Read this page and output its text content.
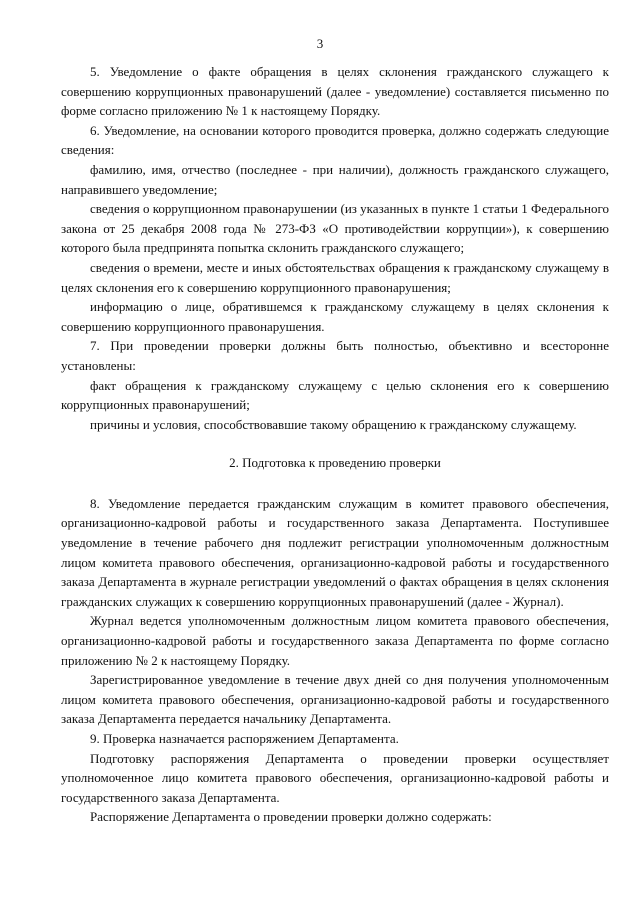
3

5. Уведомление о факте обращения в целях склонения гражданского служащего к совершению коррупционных правонарушений (далее - уведомление) составляется письменно по форме согласно приложению № 1 к настоящему Порядку.

6. Уведомление, на основании которого проводится проверка, должно содержать следующие сведения:

фамилию, имя, отчество (последнее - при наличии), должность гражданского служащего, направившего уведомление;

сведения о коррупционном правонарушении (из указанных в пункте 1 статьи 1 Федерального закона от 25 декабря 2008 года № 273-ФЗ «О противодействии коррупции»), к совершению которого была предпринята попытка склонить гражданского служащего;

сведения о времени, месте и иных обстоятельствах обращения к гражданскому служащему в целях склонения его к совершению коррупционного правонарушения;

информацию о лице, обратившемся к гражданскому служащему в целях склонения к совершению коррупционного правонарушения.

7. При проведении проверки должны быть полностью, объективно и всесторонне установлены:

факт обращения к гражданскому служащему с целью склонения его к совершению коррупционных правонарушений;

причины и условия, способствовавшие такому обращению к гражданскому служащему.

2. Подготовка к проведению проверки

8. Уведомление передается гражданским служащим в комитет правового обеспечения, организационно-кадровой работы и государственного заказа Департамента. Поступившее уведомление в течение рабочего дня подлежит регистрации уполномоченным должностным лицом комитета правового обеспечения, организационно-кадровой работы и государственного заказа Департамента в журнале регистрации уведомлений о фактах обращения в целях склонения гражданских служащих к совершению коррупционных правонарушений (далее - Журнал).

Журнал ведется уполномоченным должностным лицом комитета правового обеспечения, организационно-кадровой работы и государственного заказа Департамента по форме согласно приложению № 2 к настоящему Порядку.

Зарегистрированное уведомление в течение двух дней со дня получения уполномоченным лицом комитета правового обеспечения, организационно-кадровой работы и государственного заказа Департамента передается начальнику Департамента.

9. Проверка назначается распоряжением Департамента.

Подготовку распоряжения Департамента о проведении проверки осуществляет уполномоченное лицо комитета правового обеспечения, организационно-кадровой работы и государственного заказа Департамента.

Распоряжение Департамента о проведении проверки должно содержать:
